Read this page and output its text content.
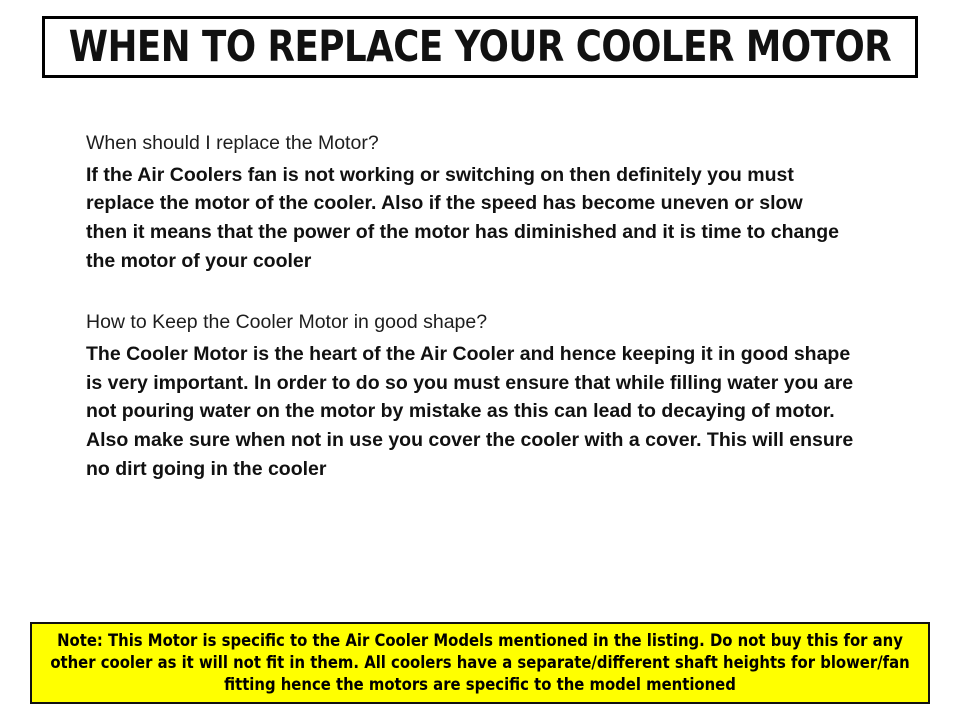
WHEN TO REPLACE YOUR COOLER MOTOR

When should I replace the Motor?

If the Air Coolers fan is not working or switching on then definitely you must replace the motor of the cooler. Also if the speed has become uneven or slow then it means that the power of the motor has diminished and it is time to change the motor of your cooler

How to Keep the Cooler Motor in good shape?

The Cooler Motor is the heart of the Air Cooler and hence keeping it in good shape is very important. In order to do so you must ensure that while filling water you are not pouring water on the motor by mistake as this can lead to decaying of motor. Also make sure when not in use you cover the cooler with a cover. This will ensure no dirt going in the cooler

Note: This Motor is specific to the Air Cooler Models mentioned in the listing. Do not buy this for any other cooler as it will not fit in them. All coolers have a separate/different shaft heights for blower/fan fitting hence the motors are specific to the model mentioned
